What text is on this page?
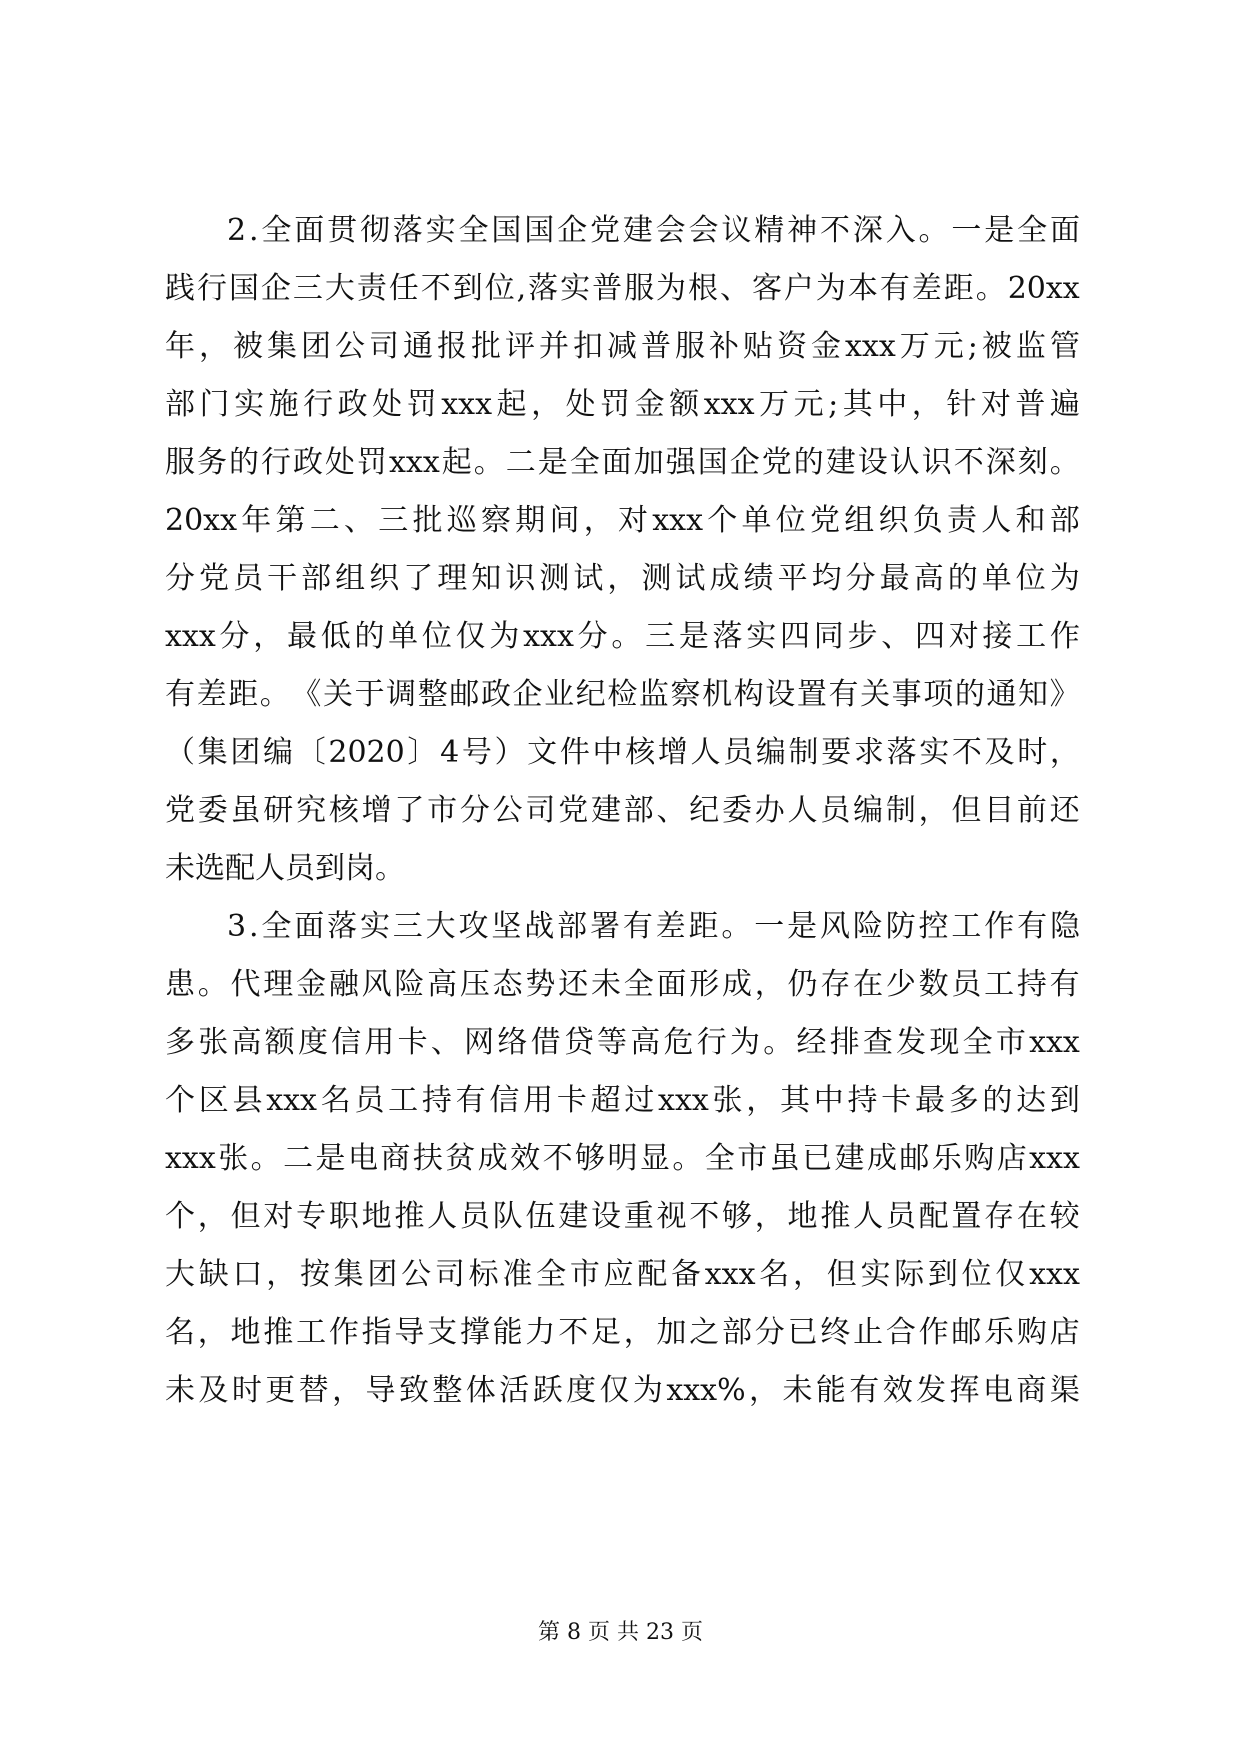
2 . 全 面 贯 彻 落 实 全 国 国 企 党 建 会 会 议 精 神 不 深 入 。 一 是 全 面
践 行 国 企 三 大 责 任 不 到 位 , 落 实 普 服 为 根 、 客 户 为 本 有 差 距 。 20xx
年 ， 被 集 团 公 司 通 报 批 评 并 扣 减 普 服 补 贴 资 金 xxx 万 元 ; 被 监 管
部 门 实 施 行 政 处 罚 xxx 起 ， 处 罚 金 额 xxx 万 元 ; 其 中 ， 针 对 普 遍
服 务 的 行 政 处 罚 xxx 起 。 二 是 全 面 加 强 国 企 党 的 建 设 认 识 不 深 刻 。
20xx 年 第 二 、 三 批 巡 察 期 间 ， 对 xxx 个 单 位 党 组 织 负 责 人 和 部
分 党 员 干 部 组 织 了 理 知 识 测 试 ， 测 试 成 绩 平 均 分 最 高 的 单 位 为
xxx 分 ， 最 低 的 单 位 仅 为 xxx 分 。 三 是 落 实 四 同 步 、 四 对 接 工 作
有 差 距 。 《 关 于 调 整 邮 政 企 业 纪 检 监 察 机 构 设 置 有 关 事 项 的 通 知 》
（ 集 团 编 〔 2020 〕 4 号 ） 文 件 中 核 增 人 员 编 制 要 求 落 实 不 及 时 ，
党 委 虽 研 究 核 增 了 市 分 公 司 党 建 部 、 纪 委 办 人 员 编 制 ， 但 目 前 还
未选配人员到岗。
3 . 全 面 落 实 三 大 攻 坚 战 部 署 有 差 距 。 一 是 风 险 防 控 工 作 有 隐
患 。 代 理 金 融 风 险 高 压 态 势 还 未 全 面 形 成 ， 仍 存 在 少 数 员 工 持 有
多 张 高 额 度 信 用 卡 、 网 络 借 贷 等 高 危 行 为 。 经 排 查 发 现 全 市 xxx
个 区 县 xxx 名 员 工 持 有 信 用 卡 超 过 xxx 张 ， 其 中 持 卡 最 多 的 达 到
xxx 张 。 二 是 电 商 扶 贫 成 效 不 够 明 显 。 全 市 虽 已 建 成 邮 乐 购 店 xxx
个 ， 但 对 专 职 地 推 人 员 队 伍 建 设 重 视 不 够 ， 地 推 人 员 配 置 存 在 较
大 缺 口 ， 按 集 团 公 司 标 准 全 市 应 配 备 xxx 名 ， 但 实 际 到 位 仅 xxx
名 ， 地 推 工 作 指 导 支 撑 能 力 不 足 ， 加 之 部 分 已 终 止 合 作 邮 乐 购 店
未 及 时 更 替 ， 导 致 整 体 活 跃 度 仅 为 xxx% ， 未 能 有 效 发 挥 电 商 渠
第 8 页 共 23 页
